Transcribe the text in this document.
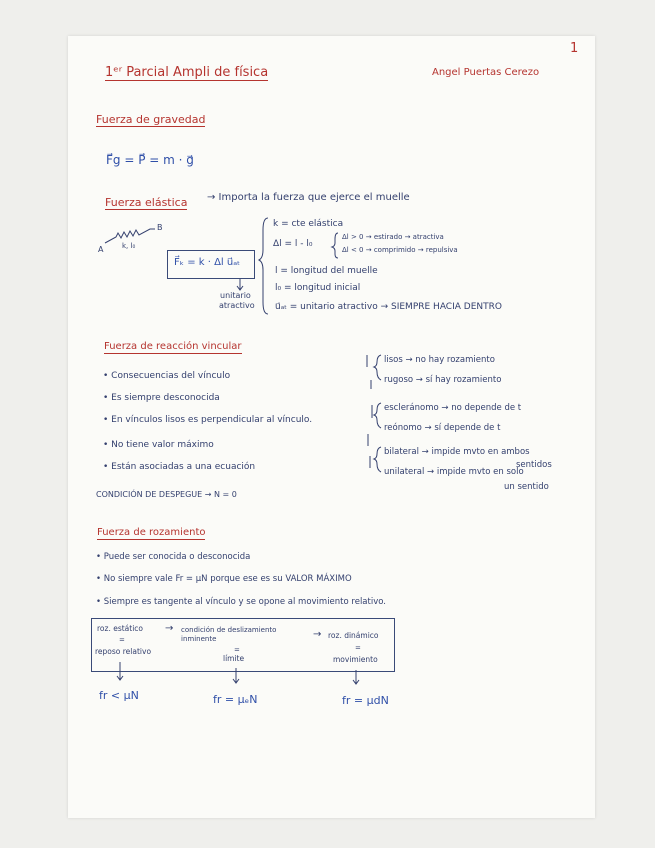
1
1ᵉʳ Parcial Ampli de física	Angel Puertas Cerezo
Fuerza de gravedad
F⃗g = P⃗ = m · g⃗
Fuerza elástica → Importa la fuerza que ejerce el muelle
A
B
k, l₀
F⃗ₖ = k · Δl u⃗ₐₜ
unitario
atractivo
k = cte elástica
Δl = l - l₀
Δl > 0 → estirado → atractiva
Δl < 0 → comprimido → repulsiva
l = longitud del muelle
l₀ = longitud inicial
u⃗ₐₜ = unitario atractivo → SIEMPRE HACIA DENTRO
Fuerza de reacción vincular
• Consecuencias del vínculo
• Es siempre desconocida
• En vínculos lisos es perpendicular al vínculo.
• No tiene valor máximo
• Están asociadas a una ecuación
CONDICIÓN DE DESPEGUE → N = 0
lisos → no hay rozamiento
rugoso → sí hay rozamiento
escleránomo → no depende de t
reónomo → sí depende de t
bilateral → impide mvto en ambos
sentidos
unilateral → impide mvto en solo
un sentido
Fuerza de rozamiento
• Puede ser conocida o desconocida
• No siempre vale Fr = μN porque ese es su VALOR MÁXIMO
• Siempre es tangente al vínculo y se opone al movimiento relativo.
roz. estático
=
reposo relativo
→ condición de deslizamiento inminente
=
límite
→ roz. dinámico
=
movimiento
fr < μN	fr = μₑN	fr = μdN
